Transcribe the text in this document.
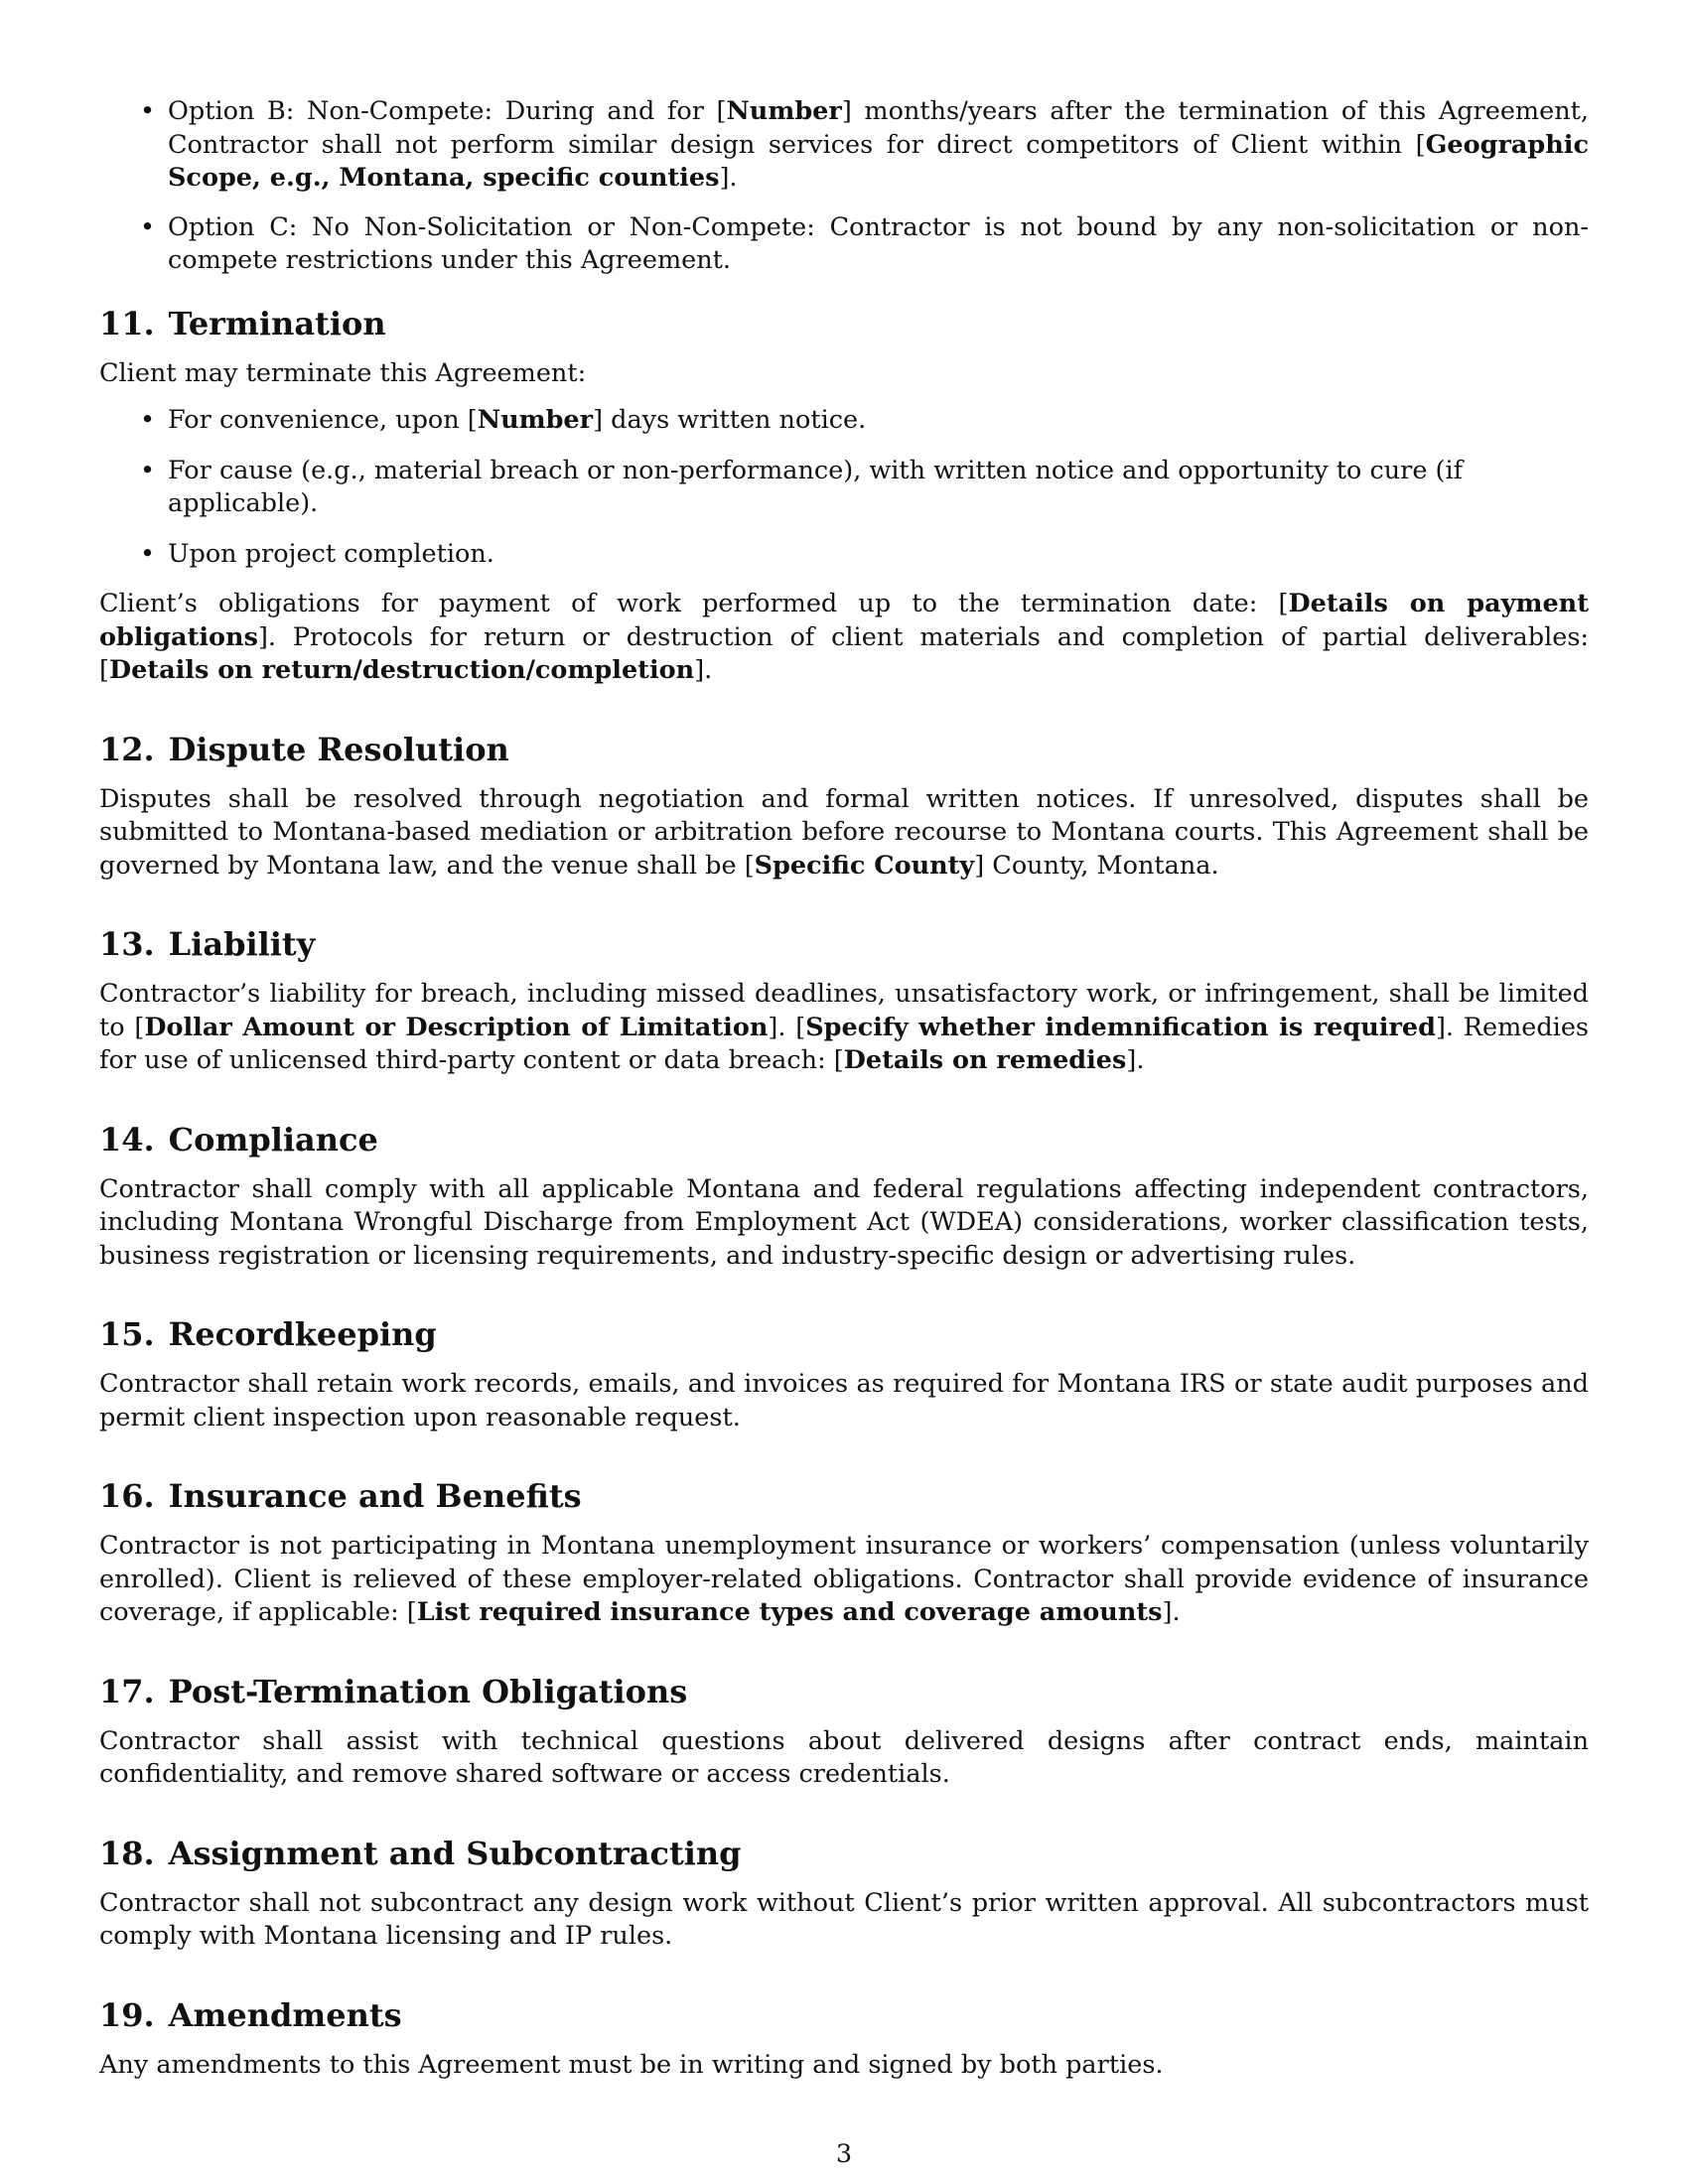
• Option B: Non-Compete: During and for [Number] months/years after the termination of this Agreement, Contractor shall not perform similar design services for direct competitors of Client within [Geographic Scope, e.g., Montana, specific counties].
• Option C: No Non-Solicitation or Non-Compete: Contractor is not bound by any non-solicitation or non-compete restrictions under this Agreement.
11. Termination

Client may terminate this Agreement:

• For convenience, upon [Number] days written notice.
• For cause (e.g., material breach or non-performance), with written notice and opportunity to cure (if applicable).
• Upon project completion.

Client’s obligations for payment of work performed up to the termination date: [Details on payment obligations]. Protocols for return or destruction of client materials and completion of partial deliverables: [Details on return/destruction/completion].

12. Dispute Resolution

Disputes shall be resolved through negotiation and formal written notices. If unresolved, disputes shall be submitted to Montana-based mediation or arbitration before recourse to Montana courts. This Agreement shall be governed by Montana law, and the venue shall be [Specific County] County, Montana.

13. Liability

Contractor’s liability for breach, including missed deadlines, unsatisfactory work, or infringement, shall be limited to [Dollar Amount or Description of Limitation]. [Specify whether indemnification is required]. Remedies for use of unlicensed third-party content or data breach: [Details on remedies].

14. Compliance

Contractor shall comply with all applicable Montana and federal regulations affecting independent contractors, including Montana Wrongful Discharge from Employment Act (WDEA) considerations, worker classification tests, business registration or licensing requirements, and industry-specific design or advertising rules.

15. Recordkeeping

Contractor shall retain work records, emails, and invoices as required for Montana IRS or state audit purposes and permit client inspection upon reasonable request.

16. Insurance and Benefits

Contractor is not participating in Montana unemployment insurance or workers’ compensation (unless voluntarily enrolled). Client is relieved of these employer-related obligations. Contractor shall provide evidence of insurance coverage, if applicable: [List required insurance types and coverage amounts].

17. Post-Termination Obligations

Contractor shall assist with technical questions about delivered designs after contract ends, maintain confidentiality, and remove shared software or access credentials.

18. Assignment and Subcontracting

Contractor shall not subcontract any design work without Client’s prior written approval. All subcontractors must comply with Montana licensing and IP rules.

19. Amendments

Any amendments to this Agreement must be in writing and signed by both parties.

3
